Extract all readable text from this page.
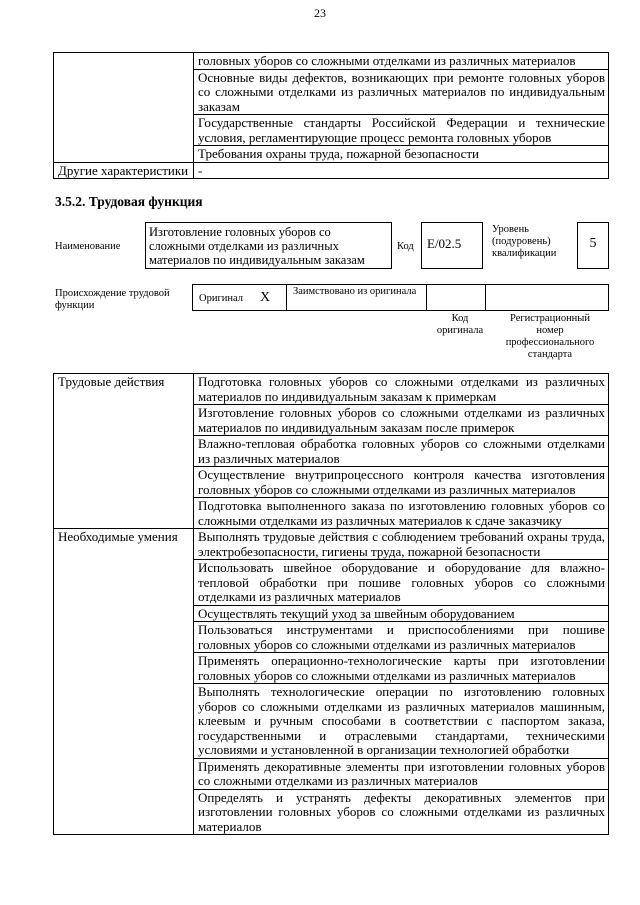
23
	головных уборов со сложными отделками из различных материалов
	Основные виды дефектов, возникающих при ремонте головных уборов со сложными отделками из различных материалов по индивидуальным заказам
	Государственные стандарты Российской Федерации и технические условия, регламентирующие процесс ремонта головных уборов
	Требования охраны труда, пожарной безопасности
Другие характеристики	-
3.5.2. Трудовая функция
Наименование
Изготовление головных уборов со сложными отделками из различных материалов по индивидуальным заказам
Код	E/02.5
Уровень (подуровень) квалификации
5
Происхождение трудовой функции
Оригинал X Заимствовано из оригинала
Код оригинала
Регистрационный номер профессионального стандарта
Трудовые действия	Подготовка головных уборов со сложными отделками из различных материалов по индивидуальным заказам к примеркам
	Изготовление головных уборов со сложными отделками из различных материалов по индивидуальным заказам после примерок
	Влажно-тепловая обработка головных уборов со сложными отделками из различных материалов
	Осуществление внутрипроцессного контроля качества изготовления головных уборов со сложными отделками из различных материалов
	Подготовка выполненного заказа по изготовлению головных уборов со сложными отделками из различных материалов к сдаче заказчику
Необходимые умения	Выполнять трудовые действия с соблюдением требований охраны труда, электробезопасности, гигиены труда, пожарной безопасности
	Использовать швейное оборудование и оборудование для влажно-тепловой обработки при пошиве головных уборов со сложными отделками из различных материалов
	Осуществлять текущий уход за швейным оборудованием
	Пользоваться инструментами и приспособлениями при пошиве головных уборов со сложными отделками из различных материалов
	Применять операционно-технологические карты при изготовлении головных уборов со сложными отделками из различных материалов
	Выполнять технологические операции по изготовлению головных уборов со сложными отделками из различных материалов машинным, клеевым и ручным способами в соответствии с паспортом заказа, государственными и отраслевыми стандартами, техническими условиями и установленной в организации технологией обработки
	Применять декоративные элементы при изготовлении головных уборов со сложными отделками из различных материалов
	Определять и устранять дефекты декоративных элементов при изготовлении головных уборов со сложными отделками из различных материалов
